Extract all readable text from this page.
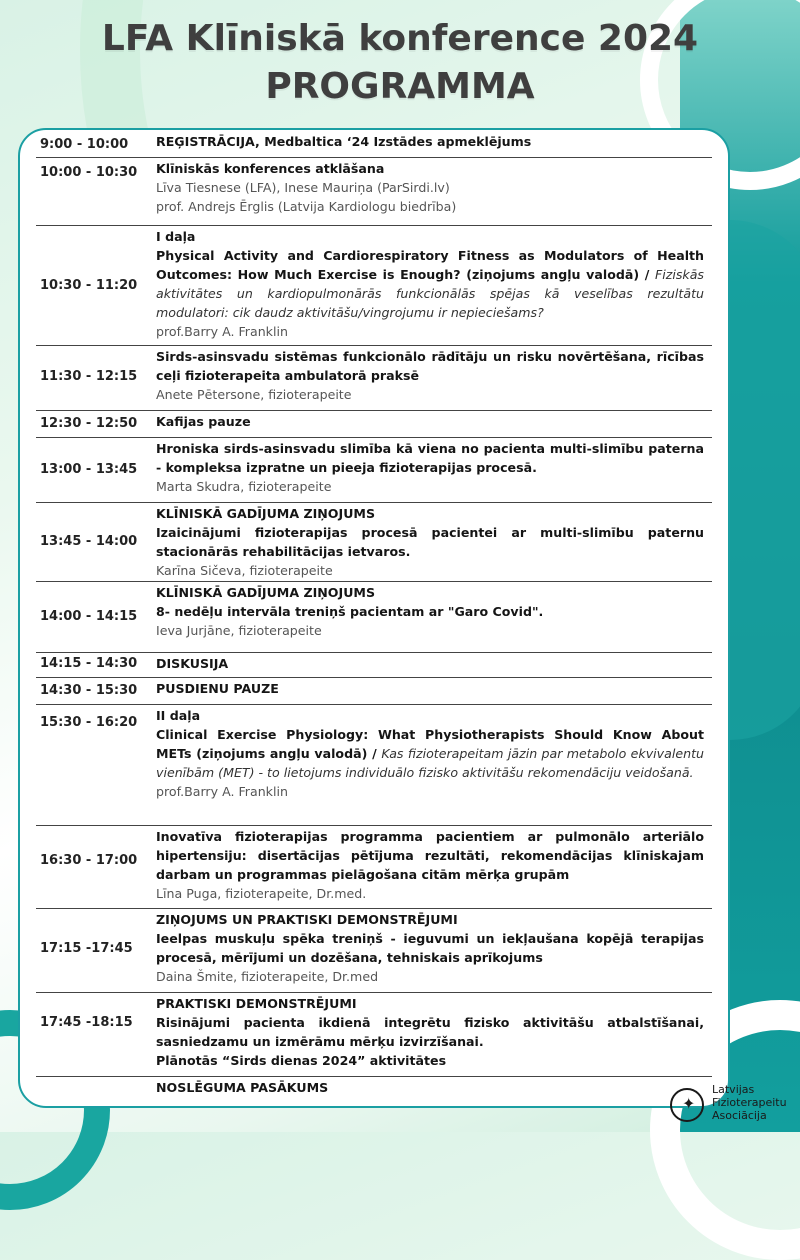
LFA Klīniskā konference 2024
PROGRAMMA
9:00 - 10:00 REĢISTRĀCIJA, Medbaltica ‘24 Izstādes apmeklējums
10:00 - 10:30 Klīniskās konferences atklāšana
Līva Tiesnese (LFA), Inese Mauriņa (ParSirdi.lv)
prof. Andrejs Ērglis (Latvija Kardiologu biedrība)
10:30 - 11:20
I daļa
Physical Activity and Cardiorespiratory Fitness as Modulators of Health Outcomes: How Much Exercise is Enough? (ziņojums angļu valodā) / Fiziskās aktivitātes un kardiopulmonārās funkcionālās spējas kā veselības rezultātu modulatori: cik daudz aktivitāšu/vingrojumu ir nepieciešams?
prof.Barry A. Franklin
11:30 - 12:15
Sirds-asinsvadu sistēmas funkcionālo rādītāju un risku novērtēšana, rīcības ceļi fizioterapeita ambulatorā praksē
Anete Pētersone, fizioterapeite
12:30 - 12:50 Kafijas pauze
13:00 - 13:45
Hroniska sirds-asinsvadu slimība kā viena no pacienta multi-slimību paterna - kompleksa izpratne un pieeja fizioterapijas procesā.
Marta Skudra, fizioterapeite
13:45 - 14:00
KLĪNISKĀ GADĪJUMA ZIŅOJUMS
Izaicinājumi fizioterapijas procesā pacientei ar multi-slimību paternu stacionārās rehabilitācijas ietvaros.
Karīna Sičeva, fizioterapeite
14:00 - 14:15
KLĪNISKĀ GADĪJUMA ZIŅOJUMS
8- nedēļu intervāla treniņš pacientam ar "Garo Covid".
Ieva Jurjāne, fizioterapeite
14:15 - 14:30 DISKUSIJA
14:30 - 15:30 PUSDIENU PAUZE
15:30 - 16:20 II daļa
Clinical Exercise Physiology: What Physiotherapists Should Know About METs (ziņojums angļu valodā) / Kas fizioterapeitam jāzin par metabolo ekvivalentu vienībām (MET) - to lietojums individuālo fizisko aktivitāšu rekomendāciju veidošanā.
prof.Barry A. Franklin
16:30 - 17:00
Inovatīva fizioterapijas programma pacientiem ar pulmonālo arteriālo hipertensiju: disertācijas pētījuma rezultāti, rekomendācijas klīniskajam darbam un programmas pielāgošana citām mērķa grupām
Līna Puga, fizioterapeite, Dr.med.
17:15 -17:45
ZIŅOJUMS UN PRAKTISKI DEMONSTRĒJUMI
Ieelpas muskuļu spēka treniņš - ieguvumi un iekļaušana kopējā terapijas procesā, mērījumi un dozēšana, tehniskais aprīkojums
Daina Šmite, fizioterapeite, Dr.med
17:45 -18:15
PRAKTISKI DEMONSTRĒJUMI
Risinājumi pacienta ikdienā integrētu fizisko aktivitāšu atbalstīšanai, sasniedzamu un izmērāmu mērķu izvirzīšanai.
Plānotās “Sirds dienas 2024” aktivitātes
NOSLĒGUMA PASĀKUMS
✦
Latvijas
Fizioterapeitu
Asociācija
